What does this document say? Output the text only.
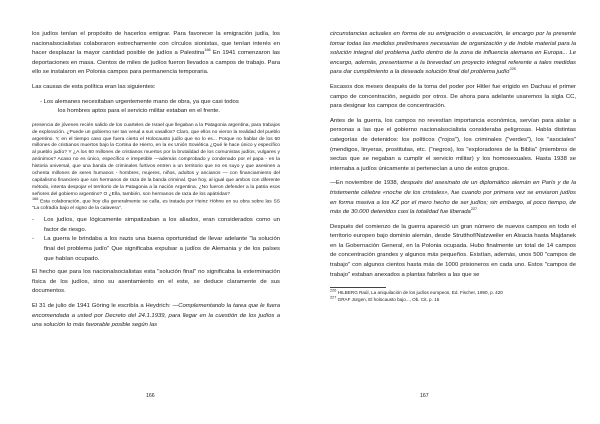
los judíos tenían el propósito de hacerlos emigrar. Para favorecer la emigración judía, los nacionalsocialistas colaboraron estrechamente con círculos sionistas, que tenían interés en hacer desplazar la mayor cantidad posible de judíos a Palestina$^{166}$ En 1941 comenzaron las deportaciones en masa. Cientos de miles de judíos fueron llevados a campos de trabajo. Para ello se instalaron en Polonia campos para permanencia temporaria.

Las causas de esta política eran las siguientes:

- Los alemanes necesitaban urgentemente mano de obra, ya que casi todos

los hombres aptos para el servicio militar estaban en el frente.

presencia de jóvenes recién salido de los cuarteles de Israel que llegaban a la Patagonia argentina, para trabajos de exploración. ¿Puede un gobierno ser tan venal a sus vasallos? Claro, que ellos no vieron la realidad del pueblo argentino. Y, en el tiempo caso que fuera cierto el Holocausto judío que no lo es... Porque no hablar de los 60 millones de cristianos muertos bajo la Cortina de Hierro, en la ex Unión Soviética ¿Qué le hace único y específico al pueblo judío? Y ¿A los 60 millones de cristianos muertos por la brutalidad de los comunistas judíos, vulgares y anónimos? Acaso no es único, específico e irrepetible —además comprobado y condenado por el papa - en la historia universal, que una banda de criminales furtivos entren a un territorio que no es suyo y que asesinen a ochenta millones de seres humanos - hombres, mujeres, niños, adultos y ancianos — con financiamiento del capitalismo financiero que son hermanos de raza de la banda criminal. Que hoy, al igual que ambos con diferente método, intenta despojar el territorio de la Patagonia a la nación Argentina. ¿No fueron defender a la patria esos señores del gobierno argentino? O ¿Ella, también, son hermanos de raza de los apátridas?
$^{166}$ Esta colaboración, que hoy día generalmente se calla, es tratada por Heinz Höhne en su obra sobre las SS "La cofradía bajo el signo de la calavera".

-	Los judíos, que lógicamente simpatizaban a los aliados, eran considerados como un factor de riesgo.
-	La guerra le brindaba a los nazis una buena oportunidad de llevar adelante "la solución final del problema judío" Que significaba expulsar a judíos de Alemania y de los países que habían ocupado.

El hecho que para los nacionalsocialistas esta "solución final" no significaba la exterminación física de los judíos, sino su asentamiento en el este, se deduce claramente de sus documentos.

El 31 de julio de 1941 Göring le escribía a Heydrich: —Complementando la tarea que le fuera encomendada a usted por Decreto del 24.1.1939, para llegar en la cuestión de los judíos a una solución lo más favorable posible según las

166

circunstancias actuales en forma de su emigración o evacuación, le encargo por la presente tomar todas las medidas preliminares necesarias de organización y de índole material para la solución integral del problema judío dentro de la zona de influencia alemana en Europa... Le encargo, además, presentarme a la brevedad un proyecto integral referente a tales medidas para dar cumplimiento a la deseada solución final del problema judío$^{226}$

Escasos dos meses después de la toma del poder por Hitler fue erigido en Dachau el primer campo de concentración, seguido por otros. De ahora para adelante usaremos la sigla CC, para designar los campos de concentración.

Antes de la guerra, los campos no revestían importancia económica, servían para aislar a personas a las que el gobierno nacionalsocialista consideraba peligrosas. Había distintas categorías de detenidos: los políticos ("rojos"), los criminales ("verdes"), los "asociales" (mendigos, linyeras, prostitutas, etc. ("negros), los "exploradores de la Biblia" (miembros de sectas que se negaban a cumplir el servicio militar) y los homosexuales. Hasta 1938 se internaba a judíos únicamente si pertenecían a uno de estos grupos.

—En noviembre de 1938, después del asesinato de un diplomático alemán en París y de la tristemente célebre «noche de los cristales», fue cuando por primera vez se enviaron judíos en forma masiva a los KZ por el mero hecho de ser judíos; sin embargo, al poco tiempo, de más de 30.000 detenidos casi la totalidad fue liberada$^{227}$

Después del comienzo de la guerra apareció un gran número de nuevos campos en todo el territorio europeo bajo dominio alemán, desde Strutthof/Natzweiler en Alsacia hasta Majdanek en la Gobernación General, en la Polonia ocupada. Hubo finalmente un total de 14 campos de concentración grandes y algunos más pequeños. Existían, además, unos 500 "campos de trabajo" con algunos cientos hasta más de 1000 prisioneros en cada uno. Estos "campos de trabajo" estaban anexados a plantas fabriles a las que se

$^{226}$ HILBERG Raúl, La aniquilación de los judíos europeos, Ed. Fischer, 1990, p. 420

$^{227}$ GRAF Jürgen, El holocausto bajo..., Ob. Cit. p. 15

167
